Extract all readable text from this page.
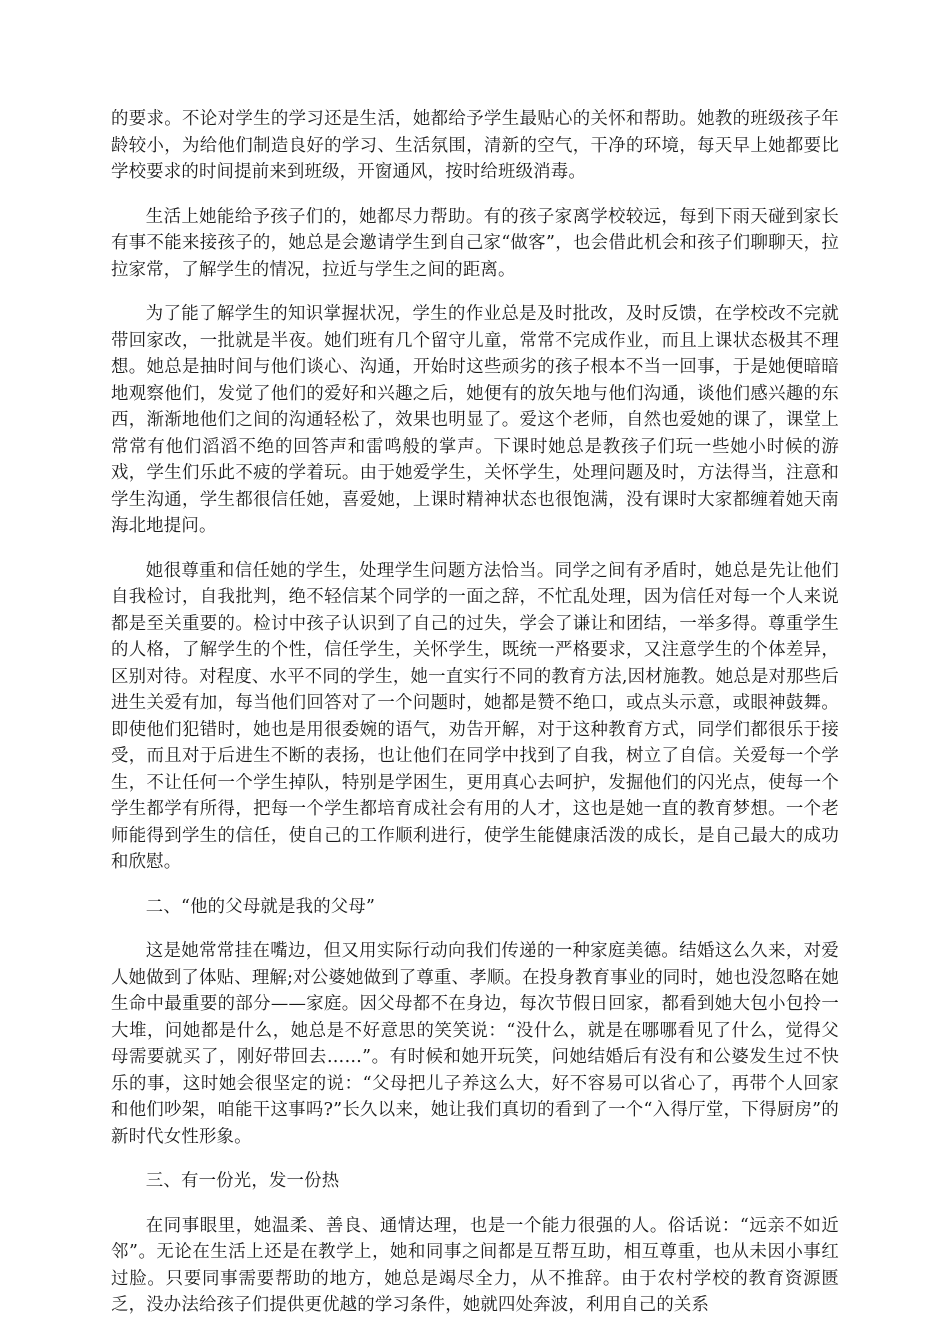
的要求。不论对学生的学习还是生活，她都给予学生最贴心的关怀和帮助。她教的班级孩子年龄较小，为给他们制造良好的学习、生活氛围，清新的空气，干净的环境，每天早上她都要比学校要求的时间提前来到班级，开窗通风，按时给班级消毒。

生活上她能给予孩子们的，她都尽力帮助。有的孩子家离学校较远，每到下雨天碰到家长有事不能来接孩子的，她总是会邀请学生到自己家“做客”，也会借此机会和孩子们聊聊天，拉拉家常，了解学生的情况，拉近与学生之间的距离。

为了能了解学生的知识掌握状况，学生的作业总是及时批改，及时反馈，在学校改不完就带回家改，一批就是半夜。她们班有几个留守儿童，常常不完成作业，而且上课状态极其不理想。她总是抽时间与他们谈心、沟通，开始时这些顽劣的孩子根本不当一回事，于是她便暗暗地观察他们，发觉了他们的爱好和兴趣之后，她便有的放矢地与他们沟通，谈他们感兴趣的东西，渐渐地他们之间的沟通轻松了，效果也明显了。爱这个老师，自然也爱她的课了，课堂上常常有他们滔滔不绝的回答声和雷鸣般的掌声。下课时她总是教孩子们玩一些她小时候的游戏，学生们乐此不疲的学着玩。由于她爱学生，关怀学生，处理问题及时，方法得当，注意和学生沟通，学生都很信任她，喜爱她，上课时精神状态也很饱满，没有课时大家都缠着她天南海北地提问。

她很尊重和信任她的学生，处理学生问题方法恰当。同学之间有矛盾时，她总是先让他们自我检讨，自我批判，绝不轻信某个同学的一面之辞，不忙乱处理，因为信任对每一个人来说都是至关重要的。检讨中孩子认识到了自己的过失，学会了谦让和团结，一举多得。尊重学生的人格，了解学生的个性，信任学生，关怀学生，既统一严格要求，又注意学生的个体差异，区别对待。对程度、水平不同的学生，她一直实行不同的教育方法,因材施教。她总是对那些后进生关爱有加，每当他们回答对了一个问题时，她都是赞不绝口，或点头示意，或眼神鼓舞。即使他们犯错时，她也是用很委婉的语气，劝告开解，对于这种教育方式，同学们都很乐于接受，而且对于后进生不断的表扬，也让他们在同学中找到了自我，树立了自信。关爱每一个学生，不让任何一个学生掉队，特别是学困生，更用真心去呵护，发掘他们的闪光点，使每一个学生都学有所得，把每一个学生都培育成社会有用的人才，这也是她一直的教育梦想。一个老师能得到学生的信任，使自己的工作顺利进行，使学生能健康活泼的成长，是自己最大的成功和欣慰。

二、“他的父母就是我的父母”

这是她常常挂在嘴边，但又用实际行动向我们传递的一种家庭美德。结婚这么久来，对爱人她做到了体贴、理解;对公婆她做到了尊重、孝顺。在投身教育事业的同时，她也没忽略在她生命中最重要的部分——家庭。因父母都不在身边，每次节假日回家，都看到她大包小包拎一大堆，问她都是什么，她总是不好意思的笑笑说：“没什么，就是在哪哪看见了什么，觉得父母需要就买了，刚好带回去……”。有时候和她开玩笑，问她结婚后有没有和公婆发生过不快乐的事，这时她会很坚定的说：“父母把儿子养这么大，好不容易可以省心了，再带个人回家和他们吵架，咱能干这事吗?”长久以来，她让我们真切的看到了一个“入得厅堂，下得厨房”的新时代女性形象。

三、有一份光，发一份热

在同事眼里，她温柔、善良、通情达理，也是一个能力很强的人。俗话说：“远亲不如近邻”。无论在生活上还是在教学上，她和同事之间都是互帮互助，相互尊重，也从未因小事红过脸。只要同事需要帮助的地方，她总是竭尽全力，从不推辞。由于农村学校的教育资源匮乏，没办法给孩子们提供更优越的学习条件，她就四处奔波，利用自己的关系
